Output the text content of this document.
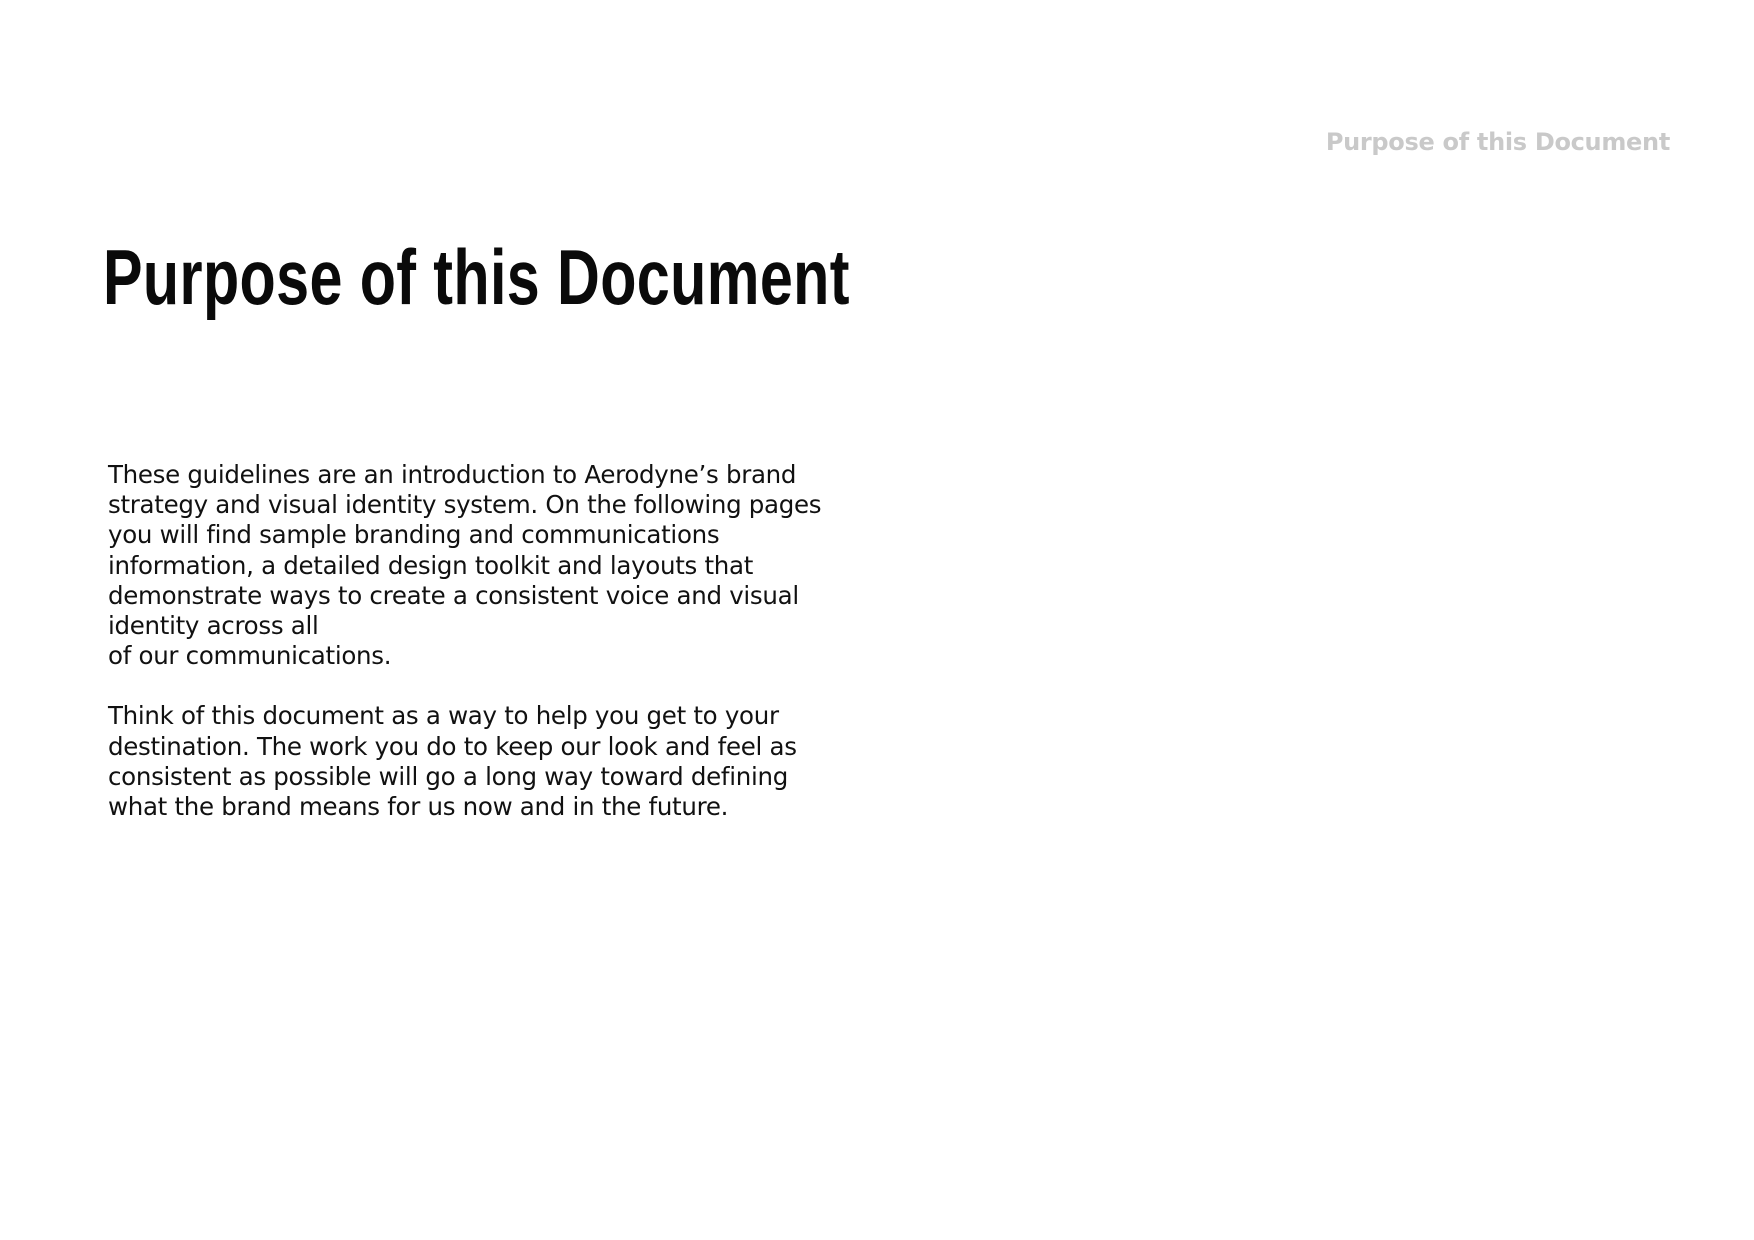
Purpose of this Document
Purpose of this Document

These guidelines are an introduction to Aerodyne’s brand
strategy and visual identity system. On the following pages
you will find sample branding and communications
information, a detailed design toolkit and layouts that
demonstrate ways to create a consistent voice and visual
identity across all
of our communications.

Think of this document as a way to help you get to your
destination. The work you do to keep our look and feel as
consistent as possible will go a long way toward defining
what the brand means for us now and in the future.
